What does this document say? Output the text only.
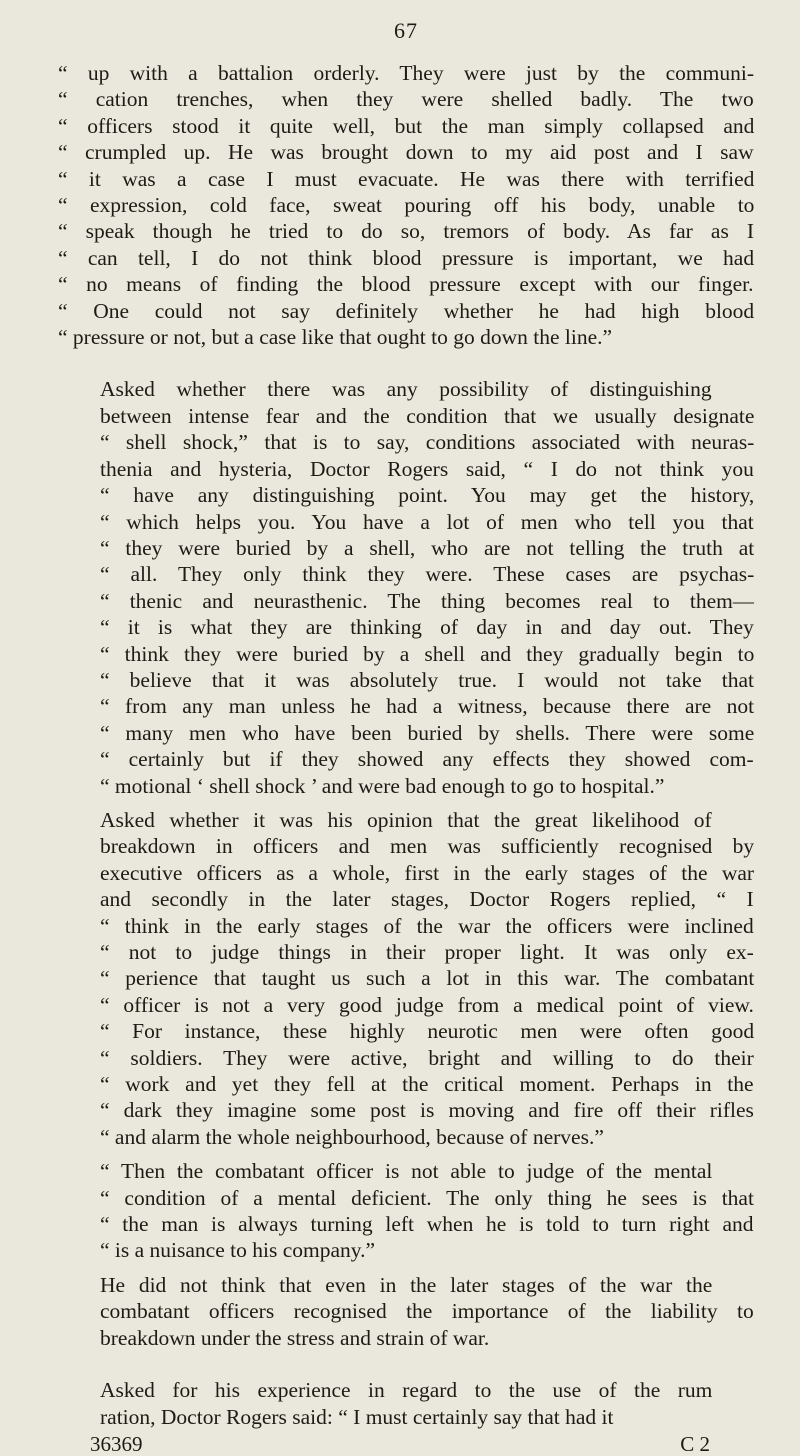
67

“ up with a battalion orderly. They were just by the communi-
“ cation trenches, when they were shelled badly. The two
“ officers stood it quite well, but the man simply collapsed and
“ crumpled up. He was brought down to my aid post and I saw
“ it was a case I must evacuate. He was there with terrified
“ expression, cold face, sweat pouring off his body, unable to
“ speak though he tried to do so, tremors of body. As far as I
“ can tell, I do not think blood pressure is important, we had
“ no means of finding the blood pressure except with our finger.
“ One could not say definitely whether he had high blood
“ pressure or not, but a case like that ought to go down the line.”

Asked whether there was any possibility of distinguishing
between intense fear and the condition that we usually designate
“ shell shock,” that is to say, conditions associated with neuras-
thenia and hysteria, Doctor Rogers said, “ I do not think you
“ have any distinguishing point. You may get the history,
“ which helps you. You have a lot of men who tell you that
“ they were buried by a shell, who are not telling the truth at
“ all. They only think they were. These cases are psychas-
“ thenic and neurasthenic. The thing becomes real to them—
“ it is what they are thinking of day in and day out. They
“ think they were buried by a shell and they gradually begin to
“ believe that it was absolutely true. I would not take that
“ from any man unless he had a witness, because there are not
“ many men who have been buried by shells. There were some
“ certainly but if they showed any effects they showed com-
“ motional ‘ shell shock ’ and were bad enough to go to hospital.”

Asked whether it was his opinion that the great likelihood of
breakdown in officers and men was sufficiently recognised by
executive officers as a whole, first in the early stages of the war
and secondly in the later stages, Doctor Rogers replied, “ I
“ think in the early stages of the war the officers were inclined
“ not to judge things in their proper light. It was only ex-
“ perience that taught us such a lot in this war. The combatant
“ officer is not a very good judge from a medical point of view.
“ For instance, these highly neurotic men were often good
“ soldiers. They were active, bright and willing to do their
“ work and yet they fell at the critical moment. Perhaps in the
“ dark they imagine some post is moving and fire off their rifles
“ and alarm the whole neighbourhood, because of nerves.”

“ Then the combatant officer is not able to judge of the mental
“ condition of a mental deficient. The only thing he sees is that
“ the man is always turning left when he is told to turn right and
“ is a nuisance to his company.”

He did not think that even in the later stages of the war the
combatant officers recognised the importance of the liability to
breakdown under the stress and strain of war.

Asked for his experience in regard to the use of the rum
ration, Doctor Rogers said: “ I must certainly say that had it

36369	C 2
